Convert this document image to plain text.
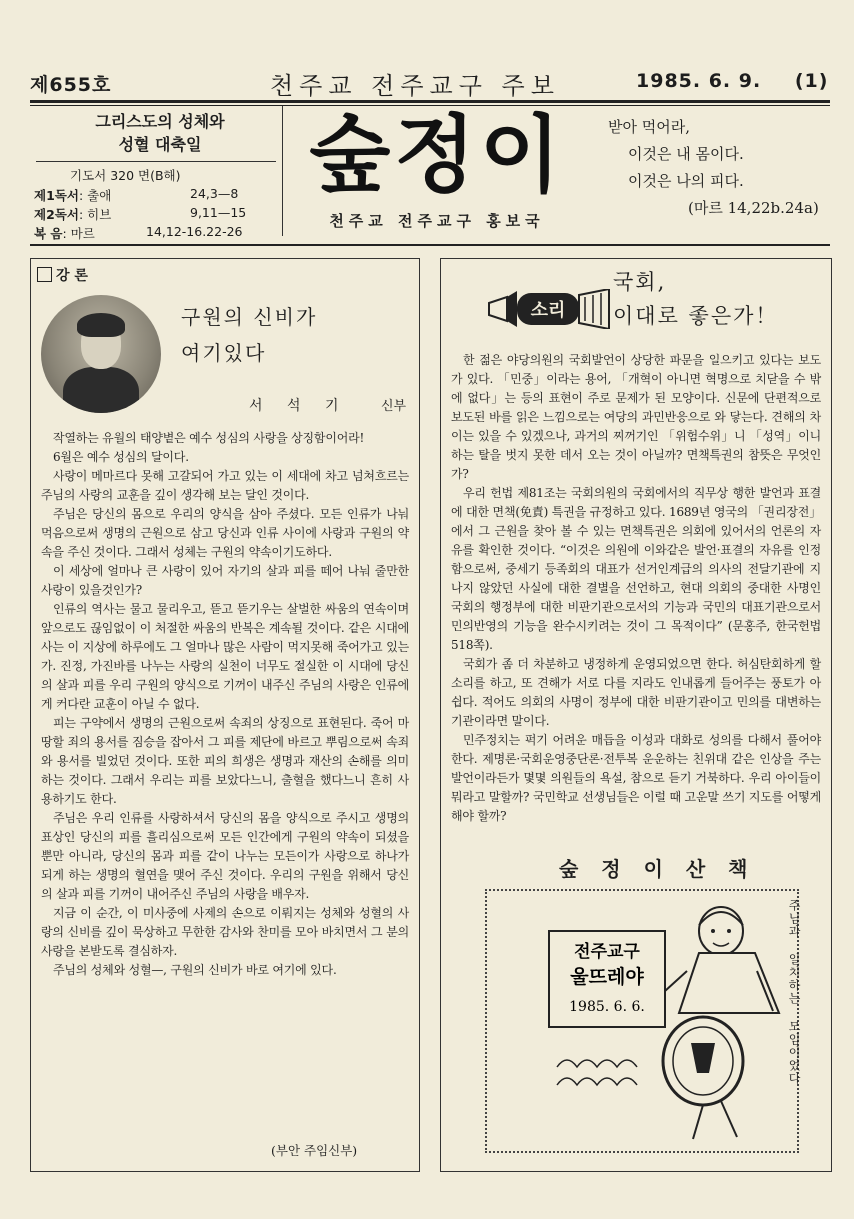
제655호	천주교 전주교구 주보	1985. 6. 9. (1)
그리스도의 성체와
성혈 대축일
기도서 320 면(B해)
제1독서: 출애	24,3—8
제2독서: 히브	9,11—15
복 음: 마르	14,12-16.22-26
숲정이
천주교 전주교구 홍보국
받아 먹어라,
이것은 내 몸이다.
이것은 나의 피다.
(마르 14,22b.24a)
강 론
구원의 신비가
여기있다
서 석 기	신부

작열하는 유월의 태양볕은 예수 성심의 사랑을 상징함이어라!

6월은 예수 성심의 달이다.

사랑이 메마르다 못해 고갈되어 가고 있는 이 세대에 차고 넘쳐흐르는 주님의 사랑의 교훈을 깊이 생각해 보는 달인 것이다.

주님은 당신의 몸으로 우리의 양식을 삼아 주셨다. 모든 인류가 나눠 먹음으로써 생명의 근원으로 삼고 당신과 인류 사이에 사랑과 구원의 약속을 주신 것이다. 그래서 성체는 구원의 약속이기도하다.

이 세상에 얼마나 큰 사랑이 있어 자기의 살과 피를 떼어 나눠 줄만한 사랑이 있을것인가?

인류의 역사는 물고 물리우고, 뜯고 뜯기우는 살벌한 싸움의 연속이며 앞으로도 끊임없이 이 처절한 싸움의 반복은 계속될 것이다. 같은 시대에 사는 이 지상에 하루에도 그 얼마나 많은 사람이 먹지못해 죽어가고 있는가. 진정, 가진바를 나누는 사랑의 실천이 너무도 절실한 이 시대에 당신의 살과 피를 우리 구원의 양식으로 기꺼이 내주신 주님의 사랑은 인류에게 커다란 교훈이 아닐 수 없다.

피는 구약에서 생명의 근원으로써 속죄의 상징으로 표현된다. 죽어 마땅할 죄의 용서를 짐승을 잡아서 그 피를 제단에 바르고 뿌림으로써 속죄와 용서를 빌었던 것이다. 또한 피의 희생은 생명과 재산의 손해를 의미하는 것이다. 그래서 우리는 피를 보았다느니, 출혈을 했다느니 흔히 사용하기도 한다.

주님은 우리 인류를 사랑하셔서 당신의 몸을 양식으로 주시고 생명의 표상인 당신의 피를 흘리심으로써 모든 인간에게 구원의 약속이 되셨을뿐만 아니라, 당신의 몸과 피를 같이 나누는 모든이가 사랑으로 하나가 되게 하는 생명의 혈연을 맺어 주신 것이다. 우리의 구원을 위해서 당신의 살과 피를 기꺼이 내어주신 주님의 사랑을 배우자.

지금 이 순간, 이 미사중에 사제의 손으로 이뤄지는 성체와 성혈의 사랑의 신비를 깊이 묵상하고 무한한 감사와 찬미를 모아 바치면서 그 분의 사랑을 본받도록 결심하자.

주님의 성체와 성혈—, 구원의 신비가 바로 여기에 있다.

(부안 주임신부)
소리
국회,
이대로 좋은가！

한 젊은 야당의원의 국회발언이 상당한 파문을 일으키고 있다는 보도가 있다. 「민중」이라는 용어, 「개혁이 아니면 혁명으로 치닫을 수 밖에 없다」는 등의 표현이 주로 문제가 된 모양이다. 신문에 단편적으로 보도된 바를 읽은 느낌으로는 여당의 과민반응으로 와 닿는다. 견해의 차이는 있을 수 있겠으나, 과거의 찌꺼기인 「위험수위」니 「성역」이니 하는 탈을 벗지 못한 데서 오는 것이 아닐까? 면책특권의 참뜻은 무엇인가?

우리 헌법 제81조는 국회의원의 국회에서의 직무상 행한 발언과 표결에 대한 면책(免責) 특권을 규정하고 있다. 1689년 영국의 「권리장전」에서 그 근원을 찾아 볼 수 있는 면책특권은 의회에 있어서의 언론의 자유를 확인한 것이다. “이것은 의원에 이와같은 발언·표결의 자유를 인정함으로써, 중세기 등족회의 대표가 선거인계급의 의사의 전달기관에 지나지 않았던 사실에 대한 결별을 선언하고, 현대 의회의 중대한 사명인 국회의 행정부에 대한 비판기관으로서의 기능과 국민의 대표기관으로서 민의반영의 기능을 완수시키려는 것이 그 목적이다” (문홍주, 한국헌법 518쪽).

국회가 좀 더 차분하고 냉정하게 운영되었으면 한다. 허심탄회하게 할 소리를 하고, 또 견해가 서로 다를 지라도 인내롭게 들어주는 풍토가 아쉽다. 적어도 의회의 사명이 정부에 대한 비판기관이고 민의를 대변하는 기관이라면 말이다.

민주정치는 퍽기 어려운 매듭을 이성과 대화로 성의를 다해서 풀어야 한다. 제명론·국회운영중단론·전투복 운운하는 친위대 같은 인상을 주는 발언이라든가 몇몇 의원들의 욕설, 참으로 듣기 거북하다. 우리 아이들이 뭐라고 말할까? 국민학교 선생님들은 이럴 때 고운말 쓰기 지도를 어떻게 해야 할까?

숲 정 이 산 책
전주교구
울뜨레야
1985. 6. 6.	주님과 일치하는 모임이었다
